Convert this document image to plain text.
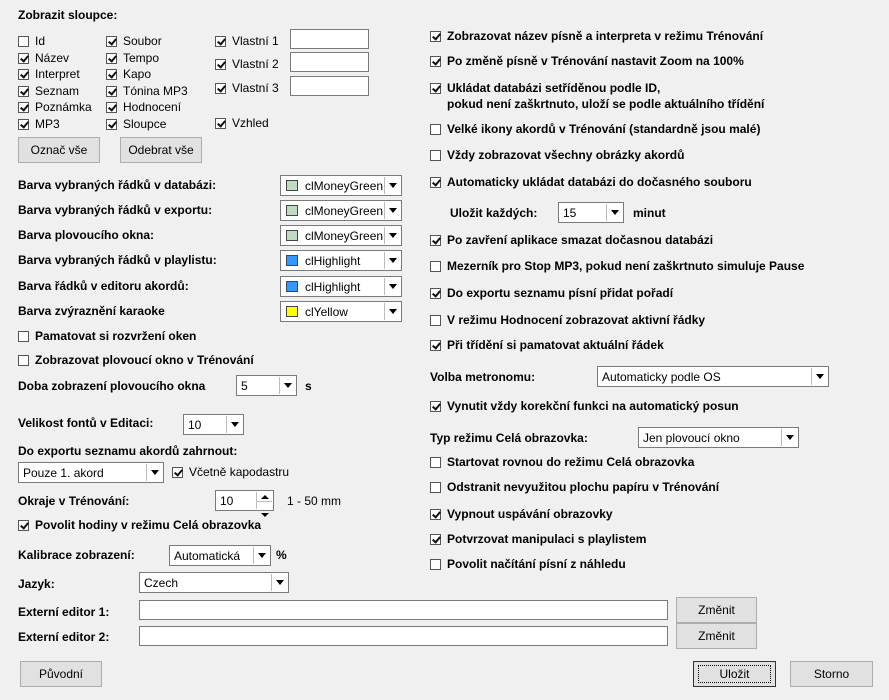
Zobrazit sloupce:
Id
Název
Interpret
Seznam
Poznámka
MP3
Soubor
Tempo
Kapo
Tónina MP3
Hodnocení
Sloupce
Vlastní 1
Vlastní 2
Vlastní 3
Vzhled
Označ vše	Odebrat vše
Barva vybraných řádků v databázi:	clMoneyGreen
Barva vybraných řádků v exportu:	clMoneyGreen
Barva plovoucího okna:	clMoneyGreen
Barva vybraných řádků v playlistu:	clHighlight
Barva řádků v editoru akordů:	clHighlight
Barva zvýraznění karaoke	clYellow
Pamatovat si rozvržení oken
Zobrazovat plovoucí okno v Trénování
Doba zobrazení plovoucího okna	5	s
Velikost fontů v Editaci:	10
Do exportu seznamu akordů zahrnout:
Pouze 1. akord	Včetně kapodastru
Okraje v Trénování:	10	1 - 50 mm
Povolit hodiny v režimu Celá obrazovka
Kalibrace zobrazení:	Automatická	%
Jazyk:	Czech
Externí editor 1:	Změnit
Externí editor 2:	Změnit
Původní	Uložit	Storno
Zobrazovat název písně a interpreta v režimu Trénování
Po změně písně v Trénování nastavit Zoom na 100%
Ukládat databázi setříděnou podle ID,
pokud není zaškrtnuto, uloží se podle aktuálního třídění
Velké ikony akordů v Trénování (standardně jsou malé)
Vždy zobrazovat všechny obrázky akordů
Automaticky ukládat databázi do dočasného souboru
Uložit každých: 15	minut
Po zavření aplikace smazat dočasnou databázi
Mezerník pro Stop MP3, pokud není zaškrtnuto simuluje Pause
Do exportu seznamu písní přidat pořadí
V režimu Hodnocení zobrazovat aktivní řádky
Při třídění si pamatovat aktuální řádek
Volba metronomu:	Automaticky podle OS
Vynutit vždy korekční funkci na automatický posun
Typ režimu Celá obrazovka:	Jen plovoucí okno
Startovat rovnou do režimu Celá obrazovka
Odstranit nevyužitou plochu papíru v Trénování
Vypnout uspávání obrazovky
Potvrzovat manipulaci s playlistem
Povolit načítání písní z náhledu
